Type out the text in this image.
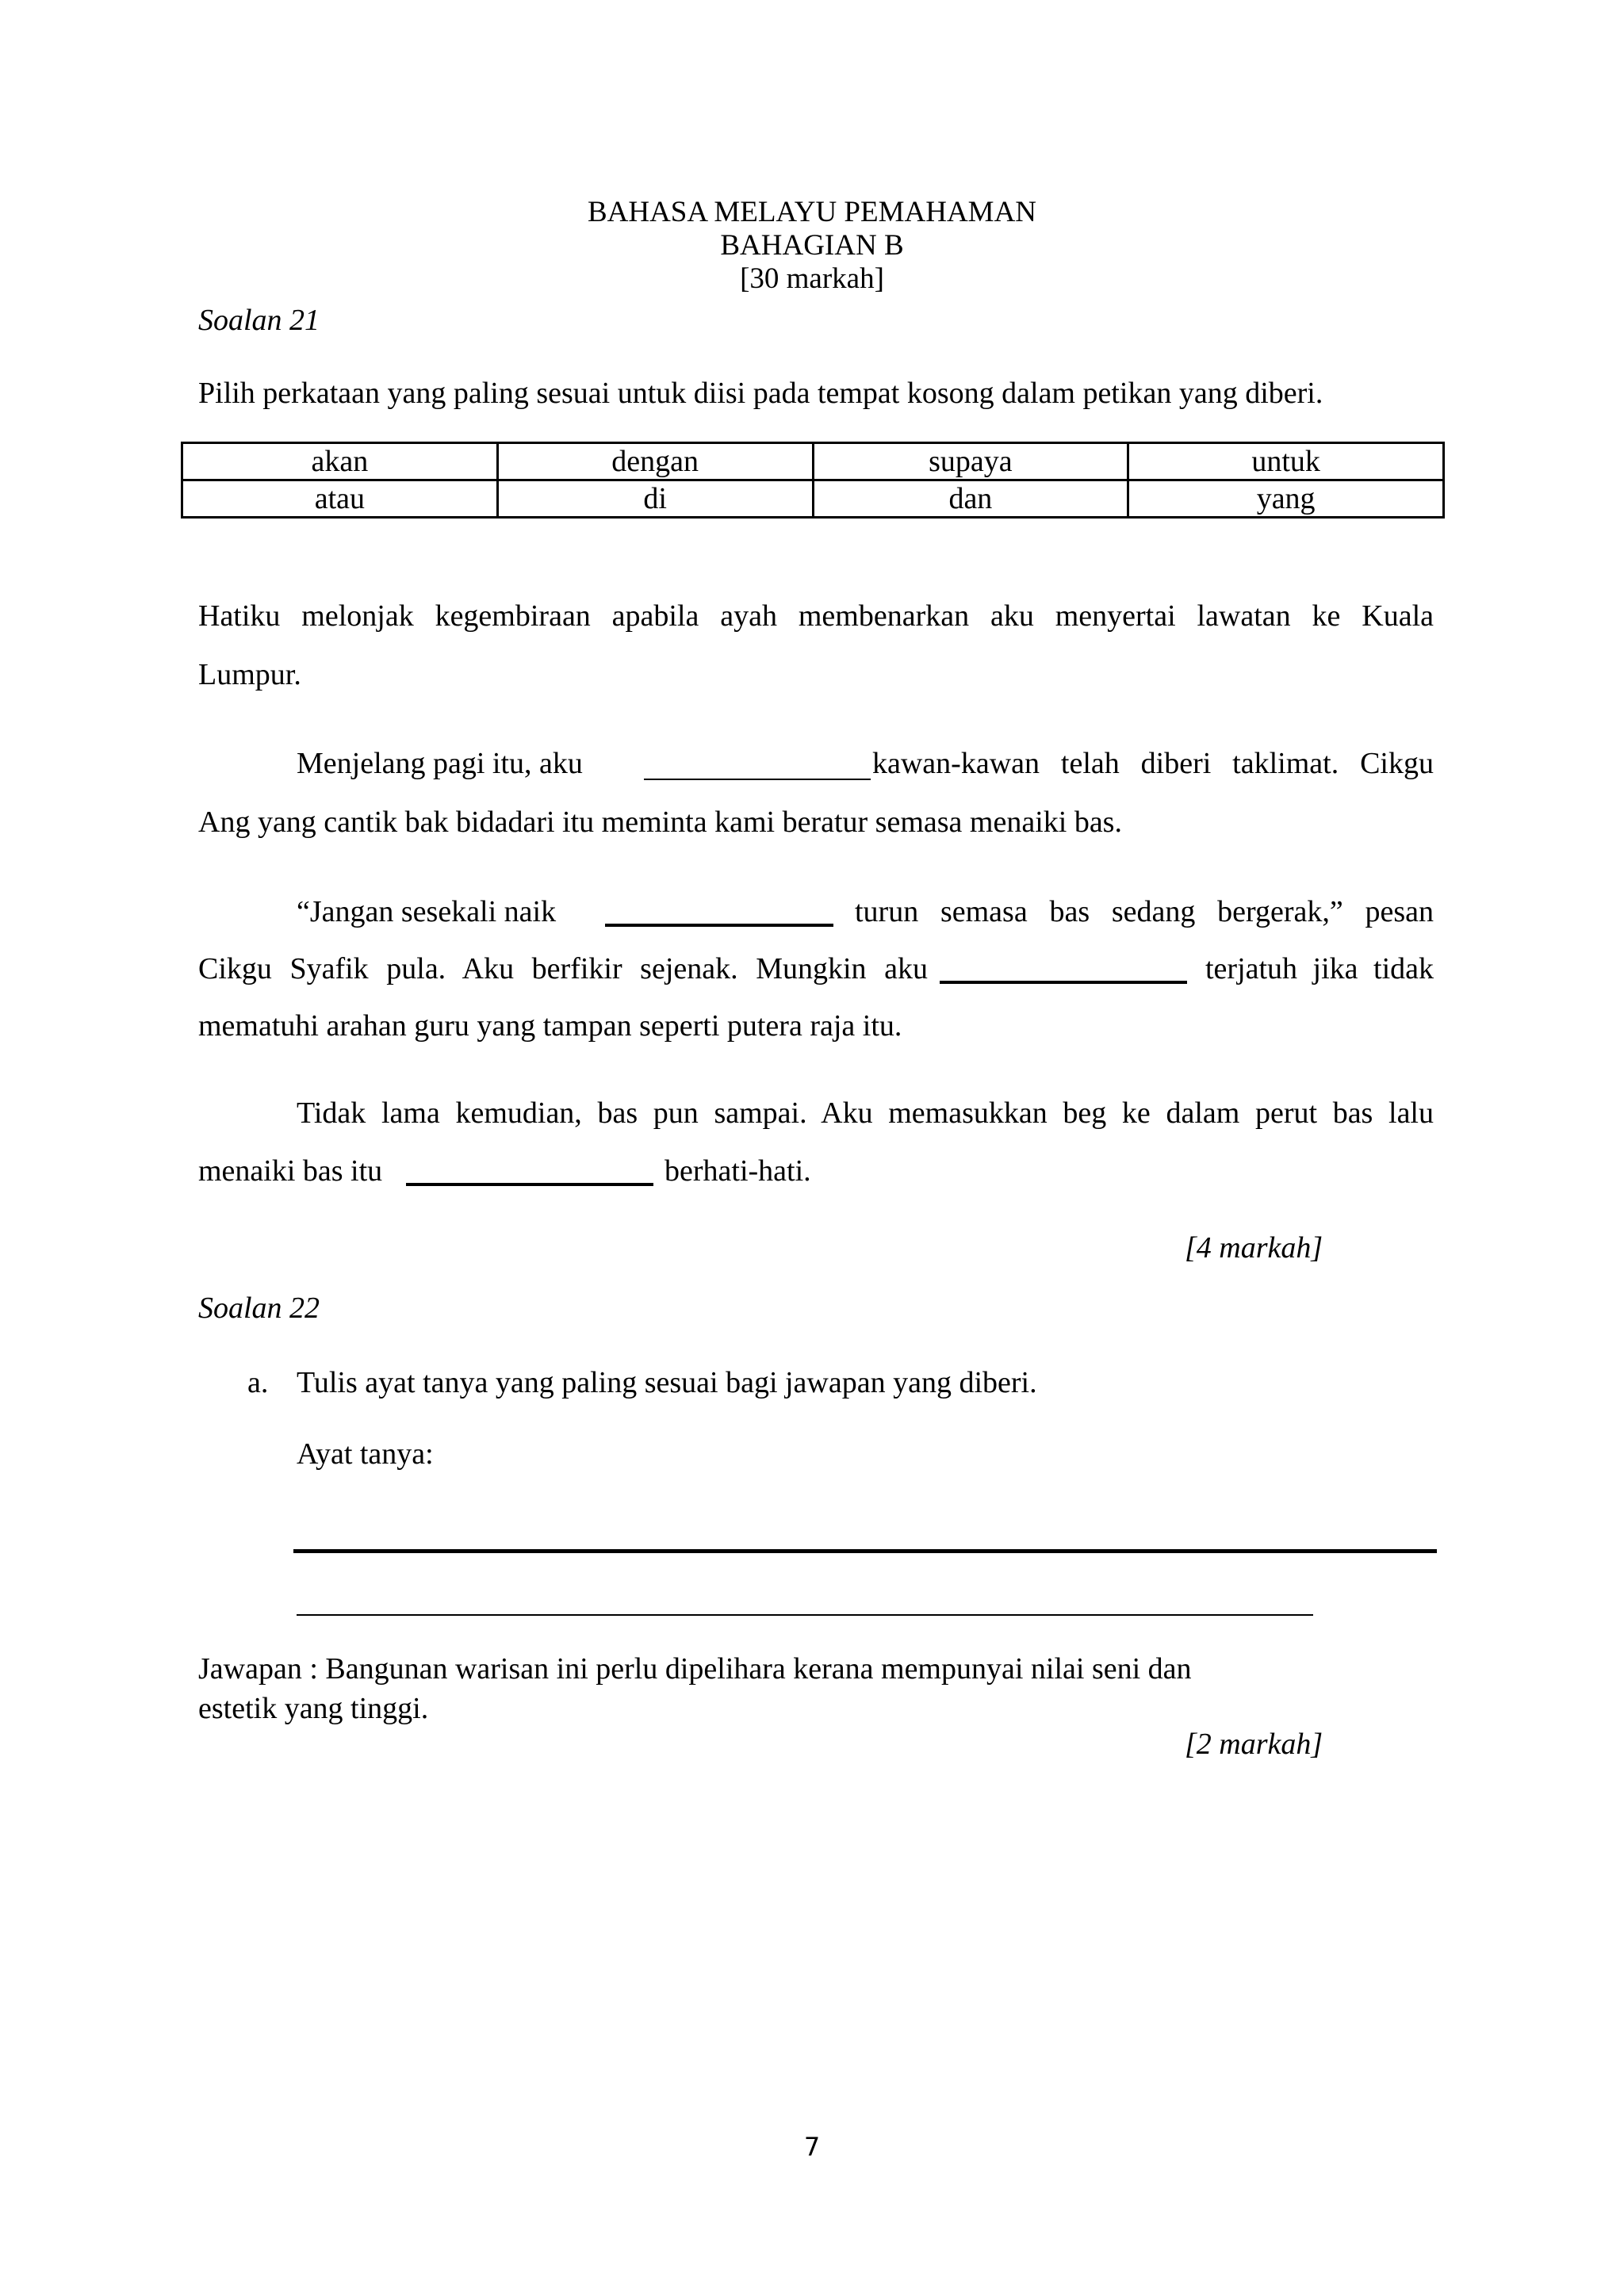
BAHASA MELAYU PEMAHAMAN
BAHAGIAN B
[30 markah]
Soalan 21
Pilih perkataan yang paling sesuai untuk diisi pada tempat kosong dalam petikan yang diberi.
akan	dengan	supaya	untuk
atau	di	dan	yang
Hatiku melonjak kegembiraan apabila ayah membenarkan aku menyertai lawatan ke Kuala
Lumpur.
Menjelang pagi itu, aku	kawan-kawan telah diberi taklimat. Cikgu
Ang yang cantik bak bidadari itu meminta kami beratur semasa menaiki bas.
“Jangan sesekali naik	turun semasa bas sedang bergerak,” pesan
Cikgu Syafik pula. Aku berfikir sejenak. Mungkin aku	terjatuh jika tidak
mematuhi arahan guru yang tampan seperti putera raja itu.
Tidak lama kemudian, bas pun sampai. Aku memasukkan beg ke dalam perut bas lalu
menaiki bas itu	berhati-hati.
[4 markah]
Soalan 22
a. Tulis ayat tanya yang paling sesuai bagi jawapan yang diberi.
Ayat tanya:
Jawapan : Bangunan warisan ini perlu dipelihara kerana mempunyai nilai seni dan
estetik yang tinggi.
[2 markah]
7
